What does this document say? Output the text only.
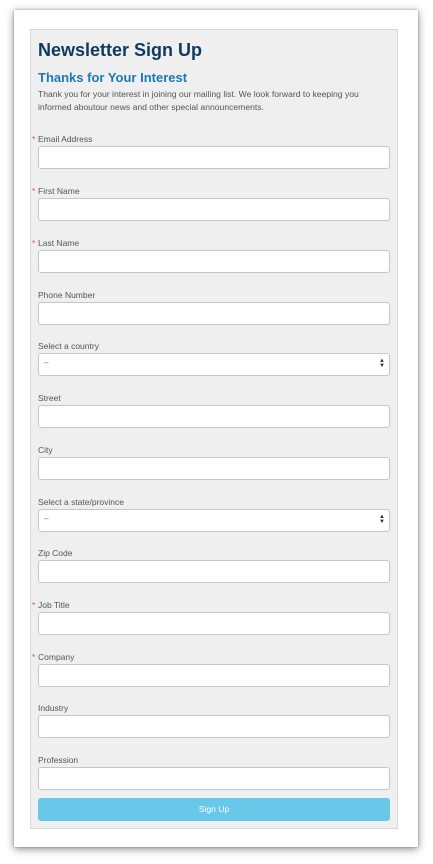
Newsletter Sign Up
Thanks for Your Interest

Thank you for your interest in joining our mailing list. We look forward to keeping you informed aboutour news and other special announcements.

* Email Address
* First Name
* Last Name
Phone Number
Select a country
--	▲
▼
Street
City
Select a state/province
--	▲
▼
Zip Code
* Job Title
* Company
Industry
Profession
Sign Up
